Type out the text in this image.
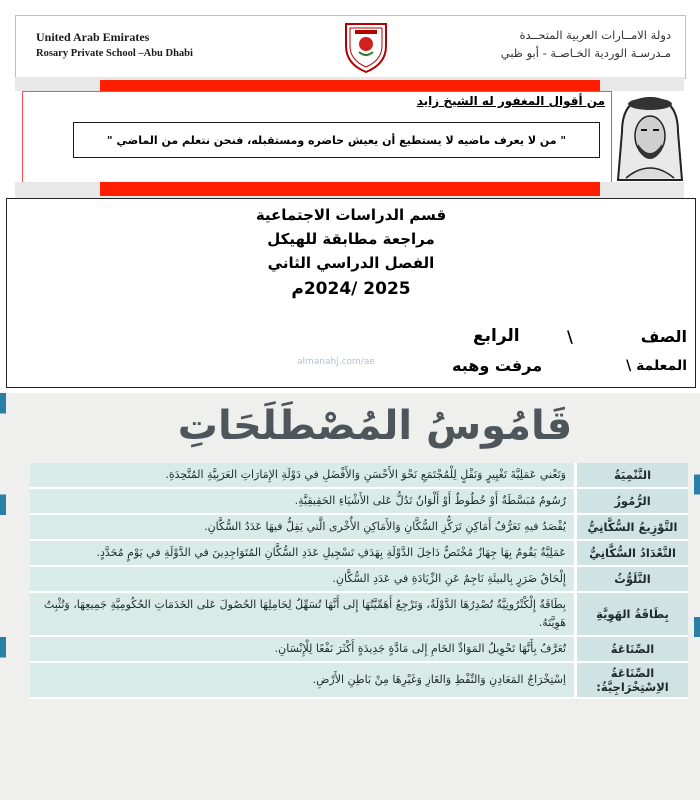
United Arab Emirates
Rosary Private School –Abu Dhabi
دولة الامــارات العربية المتحــدة
مـدرسـة الوردية الخـاصـة - أبو ظبي
من أقوال المغفور له الشيخ زايد
" من لا يعرف ماضيه لا يستطيع أن يعيش حاضره ومستقبله، فنحن نتعلم من الماضي "
قسم الدراسات الاجتماعية
مراجعة مطابقة للهيكل
الفصل الدراسي الثاني
2025 /2024م
الصف
\
الرابع
المعلمة \
مرفت وهبه
almanahj.com/ae
قَامُوسُ المُصْطَلَحَاتِ
التَّنْمِيَةُ	وَتَعْني عَمَلِيَّةَ تَغْيِيرٍ وَنَقْلٍ لِلْمُجْتَمَعِ نَحْوَ الأَحْسَنِ وَالأَفْضَلِ في دَوْلَةِ الإِمَارَاتِ العَرَبِيَّةِ المُتَّحِدَةِ.
الرُّمُوزُ	رُسُومٌ مُبَسَّطَةٌ أَوْ خُطُوطٌ أَوْ أَلْوَانٌ تَدُلُّ عَلى الأَشْيَاءِ الحَقِيقِيَّةِ.
التَّوْزِيعُ السُّكَّانِيُّ	يُقْصَدُ فيهِ تَعَرُّفُ أَمَاكِنِ تَرَكُّزِ السُّكَّانِ وَالأَمَاكِنِ الأُخْرى الَّتي يَقِلُّ فيهَا عَدَدُ السُّكَّانِ.
التَّعْدَادُ السُّكَّانِيُّ	عَمَلِيَّةٌ يَقُومُ بِهَا جِهَازٌ مُخْتَصٌّ دَاخِلَ الدَّوْلَةِ بِهَدَفِ تَسْجِيلِ عَدَدِ السُّكَّانِ المُتَوَاجِدِينَ في الدَّوْلَةِ في يَوْمٍ مُحَدَّدٍ.
التَّلَوُّثُ	إِلْحَاقُ ضَرَرٍ بِالبيئَةِ نَاجِمٌ عَنِ الزِّيَادَةِ في عَدَدِ السُّكَّانِ.
بِطَاقَةُ الهَوِيَّةِ	بِطَاقَةٌ إِلْكْتْرُونِيَّةٌ تُصْدِرُهَا الدَّوْلَةُ، وَتَرْجِعُ أَهَمِّيَّتُهَا إِلى أَنَّهَا تُسَهِّلُ لِحَامِلِهَا الحُصُولَ عَلى الخَدَمَاتِ الحُكُومِيَّةِ جَمِيعِهَا، وَتُثْبِتُ هَوِيَّتَهُ.
الصِّنَاعَةُ	تُعَرَّفُ بِأَنَّهَا تَحْوِيلُ المَوَادِّ الخَامِ إِلى مَادَّةٍ جَدِيدَةٍ أَكْثَرَ نَفْعًا لِلْإِنْسَانِ.
الصِّنَاعَةُ الاِسْتِخْرَاجِيَّةُ:	اِسْتِخْرَاجُ المَعَادِنِ وَالنِّفْطِ وَالغَازِ وَغَيْرِهَا مِنْ بَاطِنِ الأَرْضِ.
